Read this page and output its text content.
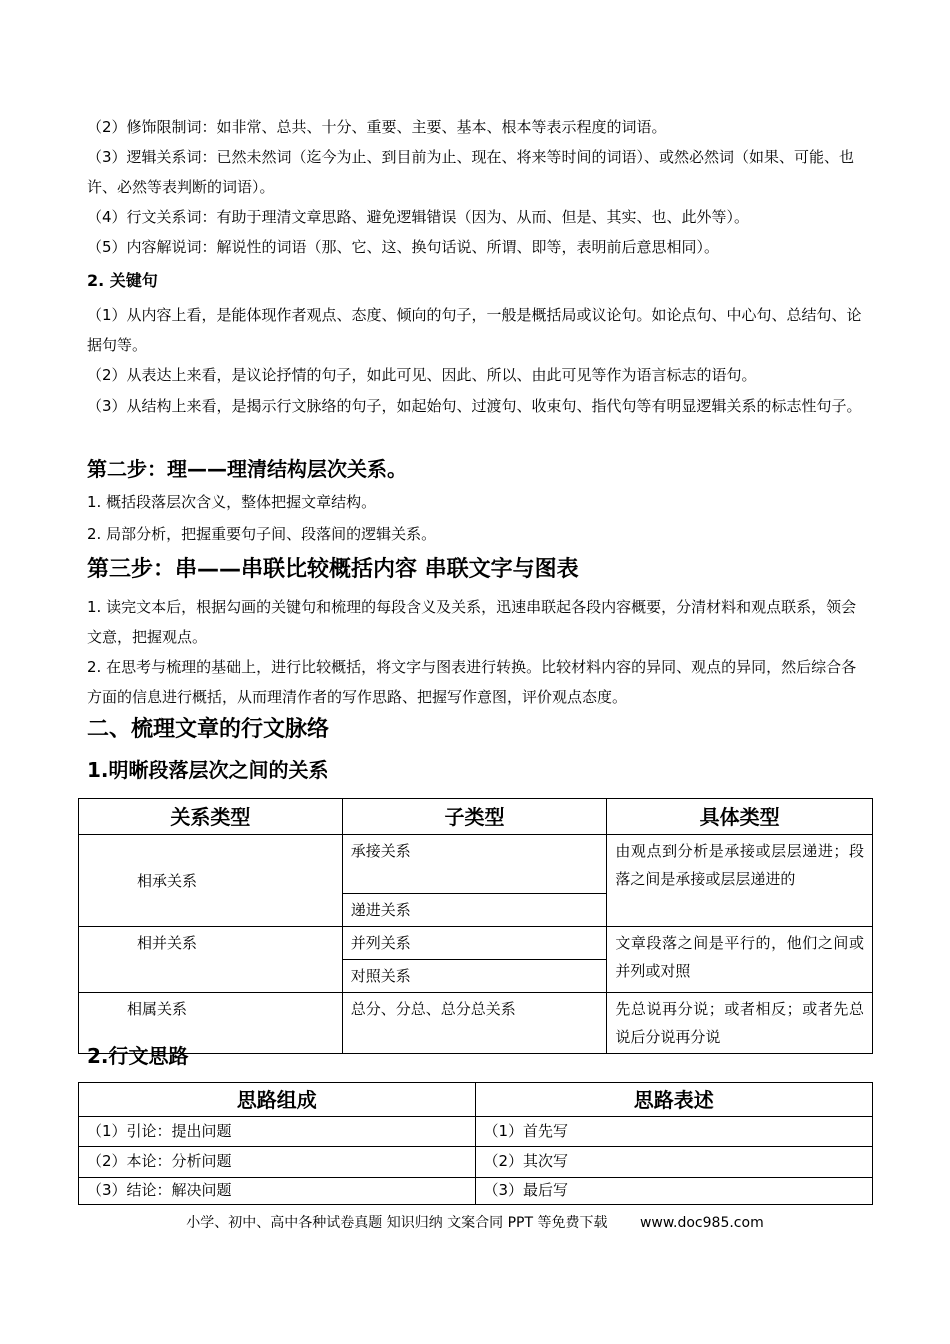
（2）修饰限制词：如非常、总共、十分、重要、主要、基本、根本等表示程度的词语。
（3）逻辑关系词：已然未然词（迄今为止、到目前为止、现在、将来等时间的词语）、或然必然词（如果、可能、也许、必然等表判断的词语）。
（4）行文关系词：有助于理清文章思路、避免逻辑错误（因为、从而、但是、其实、也、此外等）。
（5）内容解说词：解说性的词语（那、它、这、换句话说、所谓、即等，表明前后意思相同）。
2. 关键句
（1）从内容上看，是能体现作者观点、态度、倾向的句子，一般是概括局或议论句。如论点句、中心句、总结句、论据句等。
（2）从表达上来看，是议论抒情的句子，如此可见、因此、所以、由此可见等作为语言标志的语句。
（3）从结构上来看，是揭示行文脉络的句子，如起始句、过渡句、收束句、指代句等有明显逻辑关系的标志性句子。
第二步：理——理清结构层次关系。
1. 概括段落层次含义，整体把握文章结构。
2. 局部分析，把握重要句子间、段落间的逻辑关系。
第三步：串——串联比较概括内容 串联文字与图表
1. 读完文本后，根据勾画的关键句和梳理的每段含义及关系，迅速串联起各段内容概要，分清材料和观点联系，领会文意，把握观点。
2. 在思考与梳理的基础上，进行比较概括，将文字与图表进行转换。比较材料内容的异同、观点的异同，然后综合各方面的信息进行概括，从而理清作者的写作思路、把握写作意图，评价观点态度。
二、梳理文章的行文脉络
1.明晰段落层次之间的关系
关系类型	子类型	具体类型

相承关系	承接关系	由观点到分析是承接或层层递进；段落之间是承接或层层递进的

	递进关系	

相并关系	并列关系	文章段落之间是平行的，他们之间或并列或对照

	对照关系	

相属关系	总分、分总、总分总关系	先总说再分说；或者相反；或者先总说后分说再分说
2.行文思路
思路组成	思路表述

（1）引论：提出问题	（1）首先写

（2）本论：分析问题	（2）其次写

（3）结论：解决问题	（3）最后写
小学、初中、高中各种试卷真题 知识归纳 文案合同 PPT 等免费下载 www.doc985.com
